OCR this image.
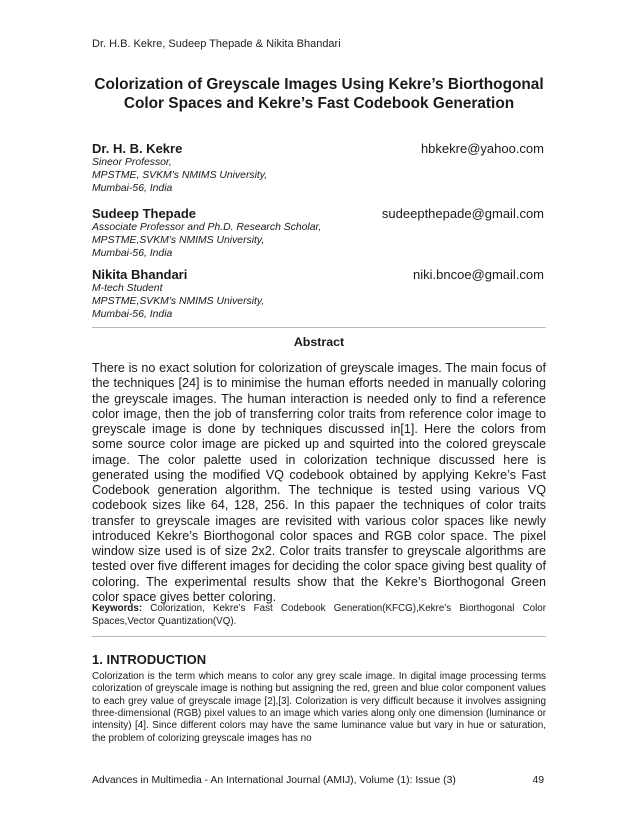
Dr. H.B. Kekre, Sudeep Thepade & Nikita Bhandari
Colorization of Greyscale Images Using Kekre’s Biorthogonal
Color Spaces and Kekre’s Fast Codebook Generation
Dr. H. B. Kekre	hbkekre@yahoo.com
Sineor Professor,
MPSTME, SVKM’s NMIMS University,
Mumbai-56, India
Sudeep Thepade	sudeepthepade@gmail.com
Associate Professor and Ph.D. Research Scholar,
MPSTME,SVKM’s NMIMS University,
Mumbai-56, India
Nikita Bhandari	niki.bncoe@gmail.com
M-tech Student
MPSTME,SVKM’s NMIMS University,
Mumbai-56, India
Abstract
There is no exact solution for colorization of greyscale images. The main focus of the techniques [24] is to minimise the human efforts needed in manually coloring the greyscale images. The human interaction is needed only to find a reference color image, then the job of transferring color traits from reference color image to greyscale image is done by techniques discussed in[1]. Here the colors from some source color image are picked up and squirted into the colored greyscale image. The color palette used in colorization technique discussed here is generated using the modified VQ codebook obtained by applying Kekre’s Fast Codebook generation algorithm. The technique is tested using various VQ codebook sizes like 64, 128, 256. In this papaer the techniques of color traits transfer to greyscale images are revisited with various color spaces like newly introduced Kekre’s Biorthogonal color spaces and RGB color space. The pixel window size used is of size 2x2. Color traits transfer to greyscale algorithms are tested over five different images for deciding the color space giving best quality of coloring. The experimental results show that the Kekre’s Biorthogonal Green color space gives better coloring.
Keywords: Colorization, Kekre’s Fast Codebook Generation(KFCG),Kekre’s Biorthogonal Color Spaces,Vector Quantization(VQ).
1. INTRODUCTION
Colorization is the term which means to color any grey scale image. In digital image processing terms colorization of greyscale image is nothing but assigning the red, green and blue color component values to each grey value of greyscale image [2],[3]. Colorization is very difficult because it involves assigning three-dimensional (RGB) pixel values to an image which varies along only one dimension (luminance or intensity) [4]. Since different colors may have the same luminance value but vary in hue or saturation, the problem of colorizing greyscale images has no
Advances in Multimedia - An International Journal (AMIJ), Volume (1): Issue (3)	49
